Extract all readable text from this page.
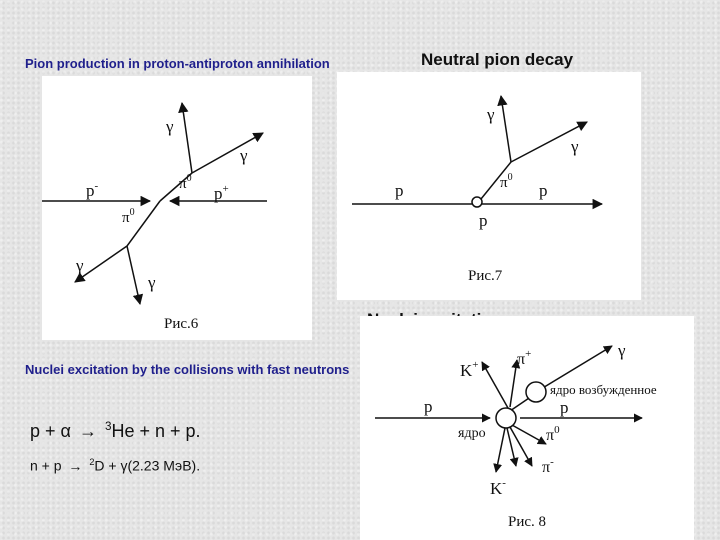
Pion production in proton-antiproton annihilation	Neutral pion decay
Nuclei excitation by the collisions with fast neutrons
p-	p+
$\pi^0$
$\pi^0$
γ
γ
γ
γ
Рис.6
p	p
p
$\pi^0$
γ
γ
Рис.7
K+ π+	γ
ядро возбужденное
p	p
ядро	$\pi^0$
π-
K-
Рис. 8
p + α → $^3$He + n + p.
n + p → $^2$D + γ(2.23 МэВ).
